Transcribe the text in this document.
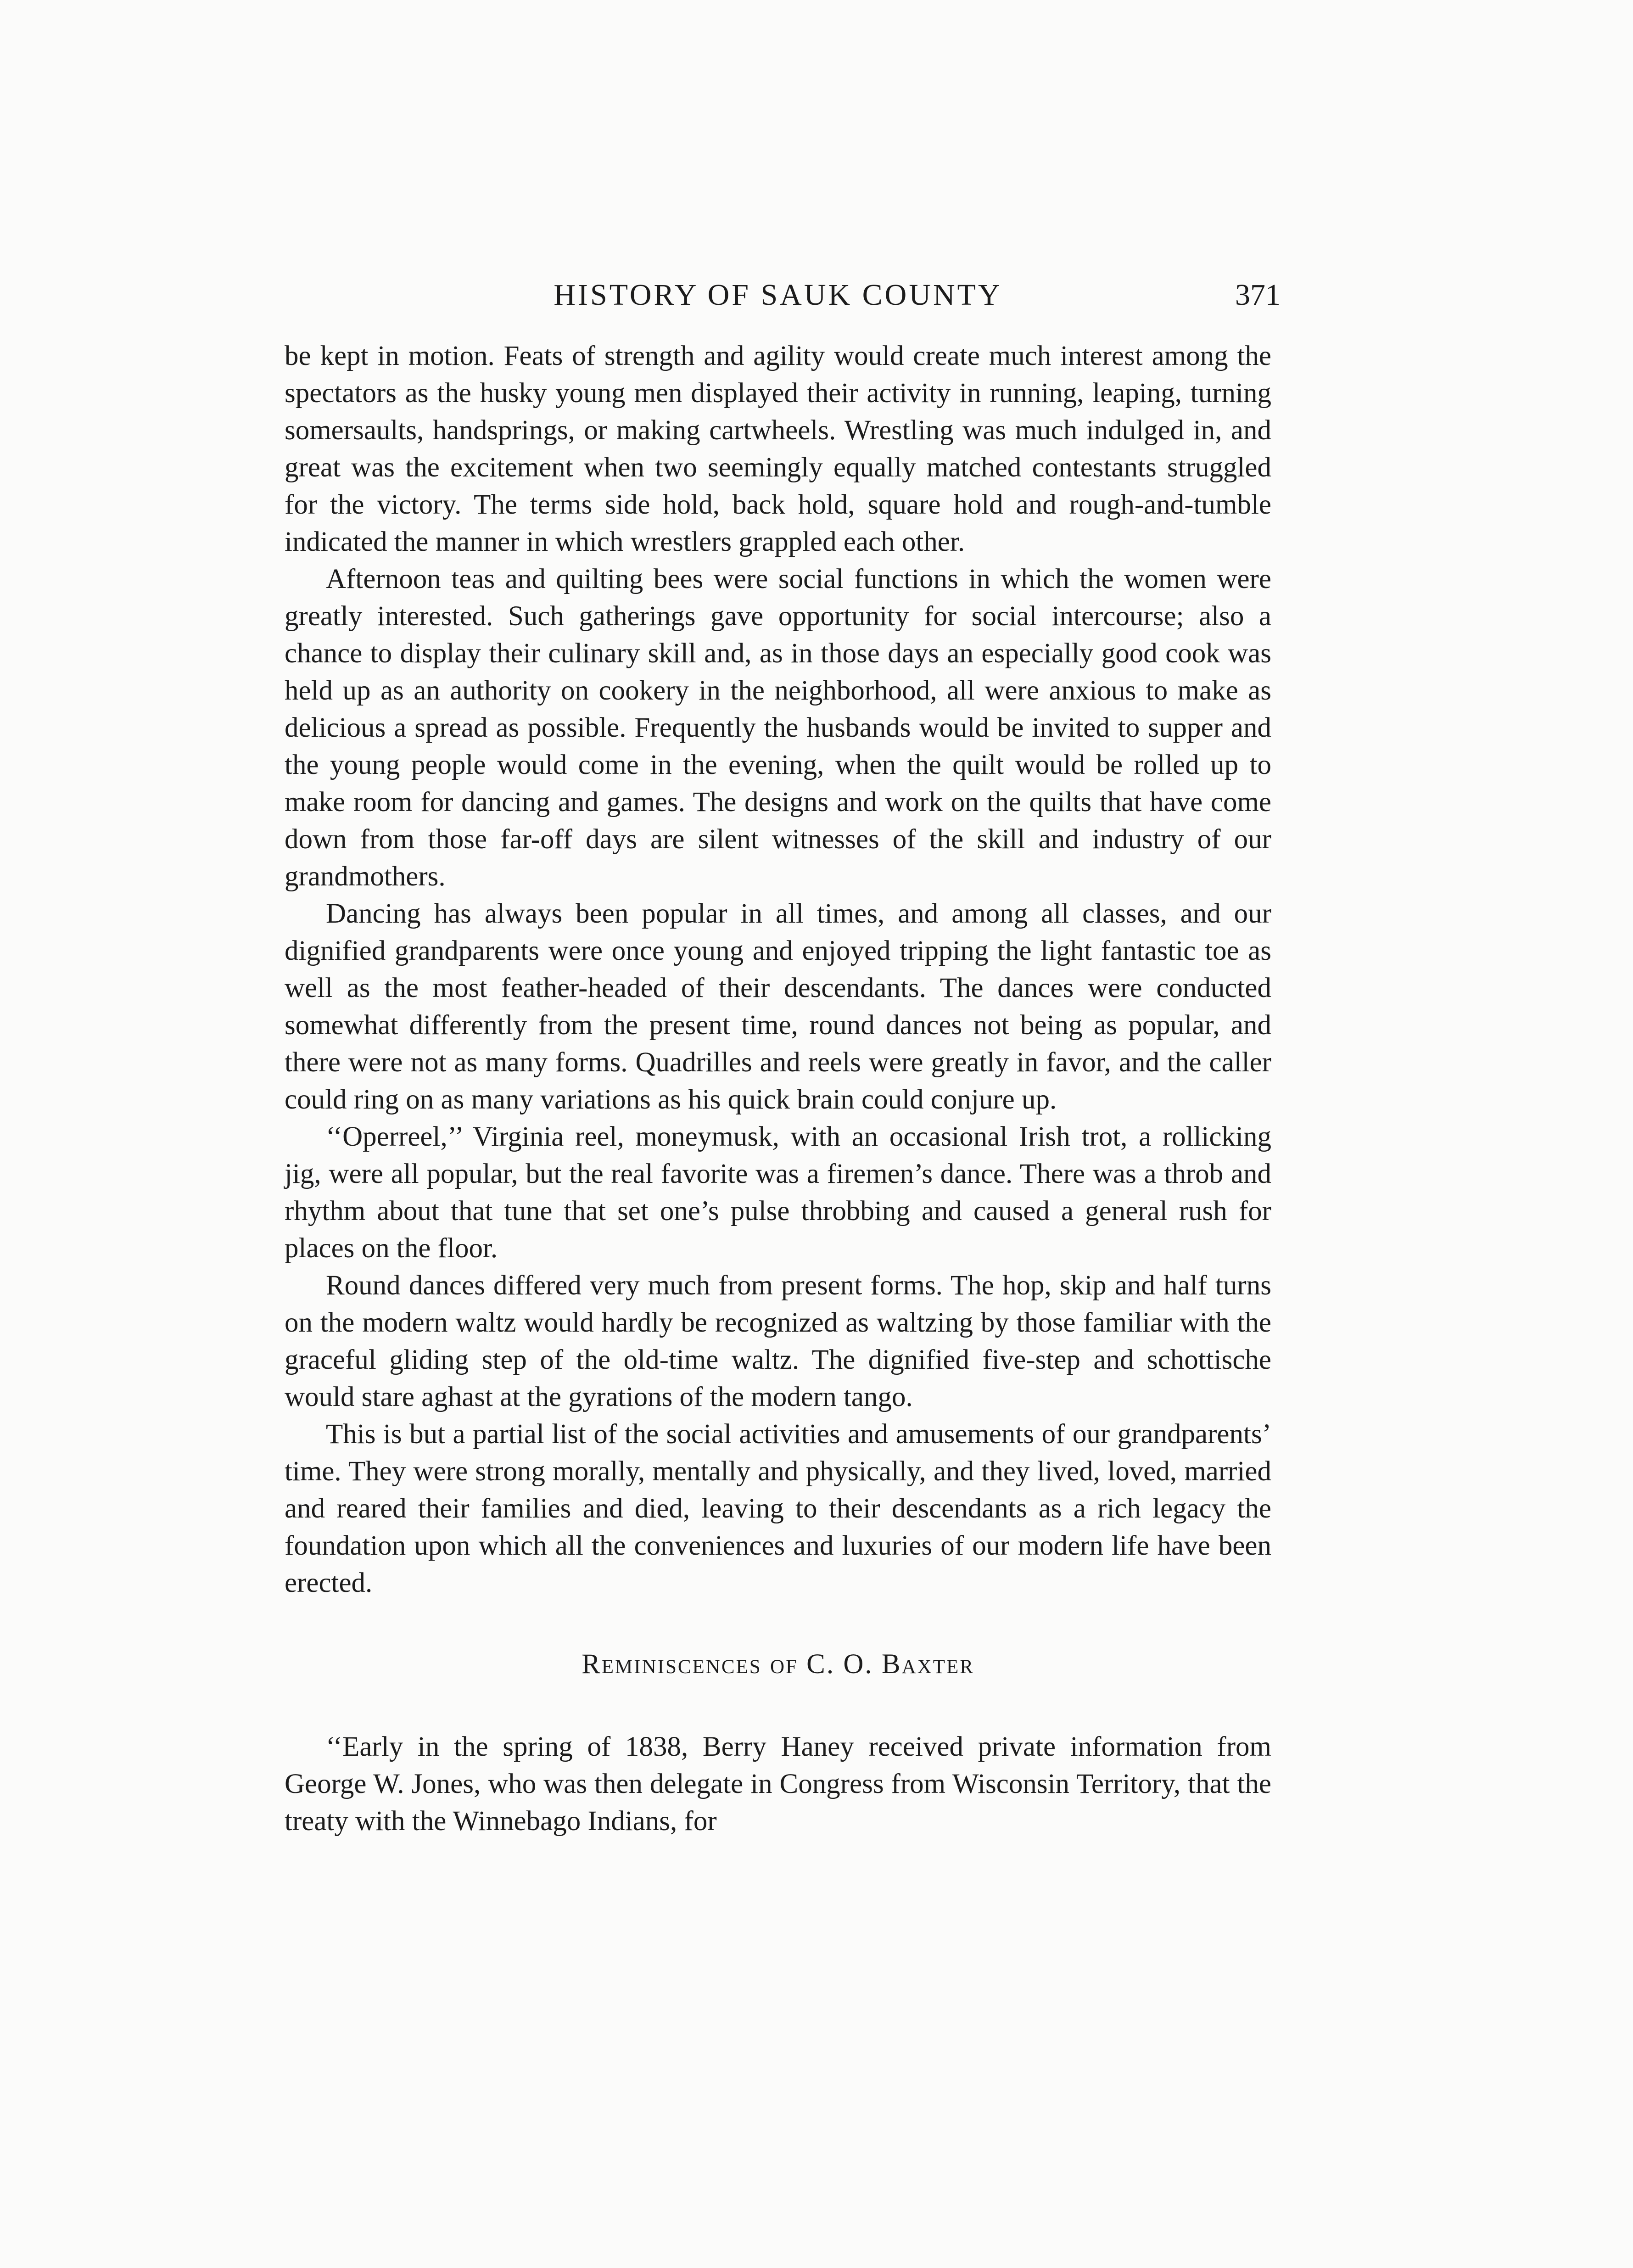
HISTORY OF SAUK COUNTY	371

be kept in motion. Feats of strength and agility would create much interest among the spectators as the husky young men displayed their activity in running, leaping, turning somersaults, handsprings, or making cartwheels. Wrestling was much indulged in, and great was the excitement when two seemingly equally matched contestants struggled for the victory. The terms side hold, back hold, square hold and rough-and-tumble indicated the manner in which wrestlers grappled each other.

Afternoon teas and quilting bees were social functions in which the women were greatly interested. Such gatherings gave opportunity for social intercourse; also a chance to display their culinary skill and, as in those days an especially good cook was held up as an authority on cookery in the neighborhood, all were anxious to make as delicious a spread as possible. Frequently the husbands would be invited to supper and the young people would come in the evening, when the quilt would be rolled up to make room for dancing and games. The designs and work on the quilts that have come down from those far-off days are silent witnesses of the skill and industry of our grandmothers.

Dancing has always been popular in all times, and among all classes, and our dignified grandparents were once young and enjoyed tripping the light fantastic toe as well as the most feather-headed of their descendants. The dances were conducted somewhat differently from the present time, round dances not being as popular, and there were not as many forms. Quadrilles and reels were greatly in favor, and the caller could ring on as many variations as his quick brain could conjure up.

‘‘Operreel,’’ Virginia reel, moneymusk, with an occasional Irish trot, a rollicking jig, were all popular, but the real favorite was a firemen’s dance. There was a throb and rhythm about that tune that set one’s pulse throbbing and caused a general rush for places on the floor.

Round dances differed very much from present forms. The hop, skip and half turns on the modern waltz would hardly be recognized as waltzing by those familiar with the graceful gliding step of the old-time waltz. The dignified five-step and schottische would stare aghast at the gyrations of the modern tango.

This is but a partial list of the social activities and amusements of our grandparents’ time. They were strong morally, mentally and physically, and they lived, loved, married and reared their families and died, leaving to their descendants as a rich legacy the foundation upon which all the conveniences and luxuries of our modern life have been erected.

Reminiscences of C. O. Baxter

‘‘Early in the spring of 1838, Berry Haney received private information from George W. Jones, who was then delegate in Congress from Wisconsin Territory, that the treaty with the Winnebago Indians, for
